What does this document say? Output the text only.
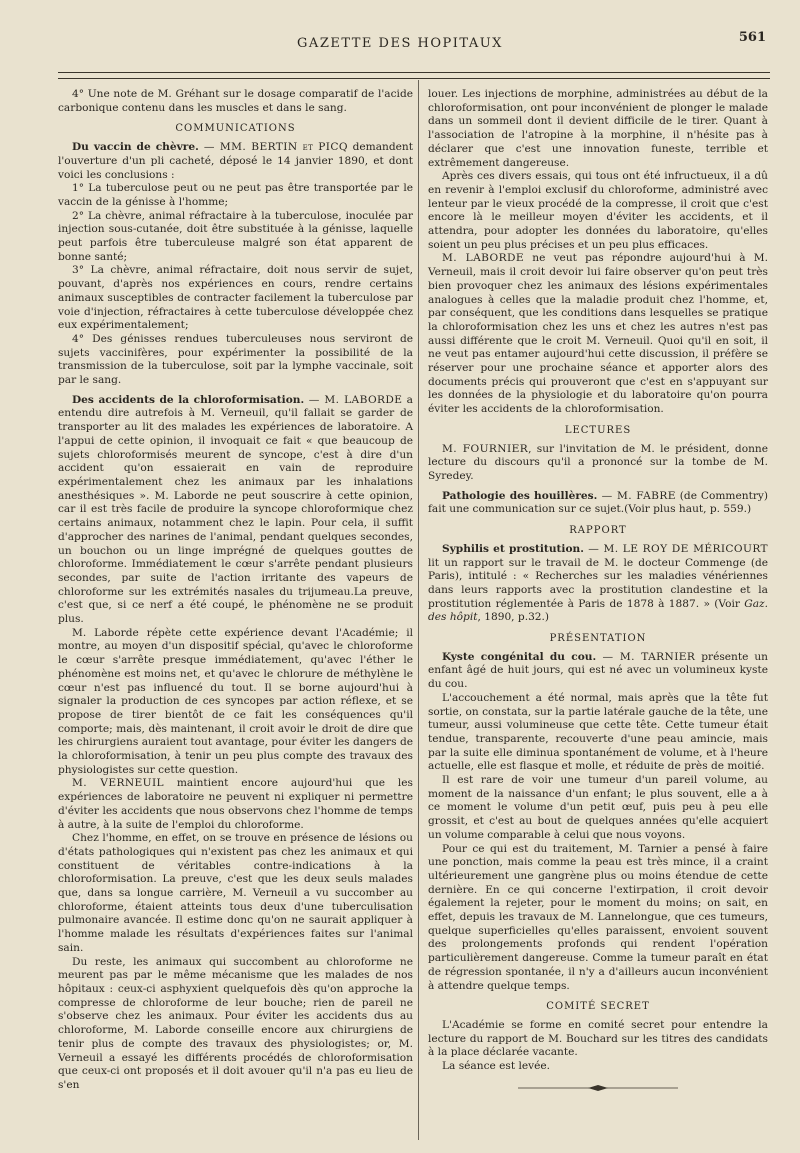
GAZETTE DES HOPITAUX	561

4° Une note de M. Gréhant sur le dosage comparatif de l'acide carbonique contenu dans les muscles et dans le sang.

COMMUNICATIONS

Du vaccin de chèvre. — MM. BERTIN et PICQ demandent l'ouverture d'un pli cacheté, déposé le 14 janvier 1890, et dont voici les conclusions :

1° La tuberculose peut ou ne peut pas être transportée par le vaccin de la génisse à l'homme;

2° La chèvre, animal réfractaire à la tuberculose, inoculée par injection sous-cutanée, doit être substituée à la génisse, laquelle peut parfois être tuberculeuse malgré son état apparent de bonne santé;

3° La chèvre, animal réfractaire, doit nous servir de sujet, pouvant, d'après nos expériences en cours, rendre certains animaux susceptibles de contracter facilement la tuberculose par voie d'injection, réfractaires à cette tuberculose développée chez eux expérimentalement;

4° Des génisses rendues tuberculeuses nous serviront de sujets vaccinifères, pour expérimenter la possibilité de la transmission de la tuberculose, soit par la lymphe vaccinale, soit par le sang.

Des accidents de la chloroformisation. — M. LABORDE a entendu dire autrefois à M. Verneuil, qu'il fallait se garder de transporter au lit des malades les expériences de laboratoire. A l'appui de cette opinion, il invoquait ce fait « que beaucoup de sujets chloroformisés meurent de syncope, c'est à dire d'un accident qu'on essaierait en vain de reproduire expérimentalement chez les animaux par les inhalations anesthésiques ». M. Laborde ne peut souscrire à cette opinion, car il est très facile de produire la syncope chloroformique chez certains animaux, notamment chez le lapin. Pour cela, il suffit d'approcher des narines de l'animal, pendant quelques secondes, un bouchon ou un linge imprégné de quelques gouttes de chloroforme. Immédiatement le cœur s'arrête pendant plusieurs secondes, par suite de l'action irritante des vapeurs de chloroforme sur les extrémités nasales du trijumeau.La preuve, c'est que, si ce nerf a été coupé, le phénomène ne se produit plus.

M. Laborde répète cette expérience devant l'Académie; il montre, au moyen d'un dispositif spécial, qu'avec le chloroforme le cœur s'arrête presque immédiatement, qu'avec l'éther le phénomène est moins net, et qu'avec le chlorure de méthylène le cœur n'est pas influencé du tout. Il se borne aujourd'hui à signaler la production de ces syncopes par action réflexe, et se propose de tirer bientôt de ce fait les conséquences qu'il comporte; mais, dès maintenant, il croit avoir le droit de dire que les chirurgiens auraient tout avantage, pour éviter les dangers de la chloroformisation, à tenir un peu plus compte des travaux des physiologistes sur cette question.

M. VERNEUIL maintient encore aujourd'hui que les expériences de laboratoire ne peuvent ni expliquer ni permettre d'éviter les accidents que nous observons chez l'homme de temps à autre, à la suite de l'emploi du chloroforme.

Chez l'homme, en effet, on se trouve en présence de lésions ou d'états pathologiques qui n'existent pas chez les animaux et qui constituent de véritables contre-indications à la chloroformisation. La preuve, c'est que les deux seuls malades que, dans sa longue carrière, M. Verneuil a vu succomber au chloroforme, étaient atteints tous deux d'une tuberculisation pulmonaire avancée. Il estime donc qu'on ne saurait appliquer à l'homme malade les résultats d'expériences faites sur l'animal sain.

Du reste, les animaux qui succombent au chloroforme ne meurent pas par le même mécanisme que les malades de nos hôpitaux : ceux-ci asphyxient quelquefois dès qu'on approche la compresse de chloroforme de leur bouche; rien de pareil ne s'observe chez les animaux. Pour éviter les accidents dus au chloroforme, M. Laborde conseille encore aux chirurgiens de tenir plus de compte des travaux des physiologistes; or, M. Verneuil a essayé les différents procédés de chloroformisation que ceux-ci ont proposés et il doit avouer qu'il n'a pas eu lieu de s'en

louer. Les injections de morphine, administrées au début de la chloroformisation, ont pour inconvénient de plonger le malade dans un sommeil dont il devient difficile de le tirer. Quant à l'association de l'atropine à la morphine, il n'hésite pas à déclarer que c'est une innovation funeste, terrible et extrêmement dangereuse.

Après ces divers essais, qui tous ont été infructueux, il a dû en revenir à l'emploi exclusif du chloroforme, administré avec lenteur par le vieux procédé de la compresse, il croit que c'est encore là le meilleur moyen d'éviter les accidents, et il attendra, pour adopter les données du laboratoire, qu'elles soient un peu plus précises et un peu plus efficaces.

M. LABORDE ne veut pas répondre aujourd'hui à M. Verneuil, mais il croit devoir lui faire observer qu'on peut très bien provoquer chez les animaux des lésions expérimentales analogues à celles que la maladie produit chez l'homme, et, par conséquent, que les conditions dans lesquelles se pratique la chloroformisation chez les uns et chez les autres n'est pas aussi différente que le croit M. Verneuil. Quoi qu'il en soit, il ne veut pas entamer aujourd'hui cette discussion, il préfère se réserver pour une prochaine séance et apporter alors des documents précis qui prouveront que c'est en s'appuyant sur les données de la physiologie et du laboratoire qu'on pourra éviter les accidents de la chloroformisation.

LECTURES

M. FOURNIER, sur l'invitation de M. le président, donne lecture du discours qu'il a prononcé sur la tombe de M. Syredey.

Pathologie des houillères. — M. FABRE (de Commentry) fait une communication sur ce sujet.(Voir plus haut, p. 559.)

RAPPORT

Syphilis et prostitution. — M. LE ROY DE MÉRICOURT lit un rapport sur le travail de M. le docteur Commenge (de Paris), intitulé : « Recherches sur les maladies vénériennes dans leurs rapports avec la prostitution clandestine et la prostitution réglementée à Paris de 1878 à 1887. » (Voir Gaz. des hôpit, 1890, p.32.)

PRÉSENTATION

Kyste congénital du cou. — M. TARNIER présente un enfant âgé de huit jours, qui est né avec un volumineux kyste du cou.

L'accouchement a été normal, mais après que la tête fut sortie, on constata, sur la partie latérale gauche de la tête, une tumeur, aussi volumineuse que cette tête. Cette tumeur était tendue, transparente, recouverte d'une peau amincie, mais par la suite elle diminua spontanément de volume, et à l'heure actuelle, elle est flasque et molle, et réduite de près de moitié.

Il est rare de voir une tumeur d'un pareil volume, au moment de la naissance d'un enfant; le plus souvent, elle a à ce moment le volume d'un petit œuf, puis peu à peu elle grossit, et c'est au bout de quelques années qu'elle acquiert un volume comparable à celui que nous voyons.

Pour ce qui est du traitement, M. Tarnier a pensé à faire une ponction, mais comme la peau est très mince, il a craint ultérieurement une gangrène plus ou moins étendue de cette dernière. En ce qui concerne l'extirpation, il croit devoir également la rejeter, pour le moment du moins; on sait, en effet, depuis les travaux de M. Lannelongue, que ces tumeurs, quelque superficielles qu'elles paraissent, envoient souvent des prolongements profonds qui rendent l'opération particulièrement dangereuse. Comme la tumeur paraît en état de régression spontanée, il n'y a d'ailleurs aucun inconvénient à attendre quelque temps.

COMITÉ SECRET

L'Académie se forme en comité secret pour entendre la lecture du rapport de M. Bouchard sur les titres des candidats à la place déclarée vacante.

La séance est levée.
